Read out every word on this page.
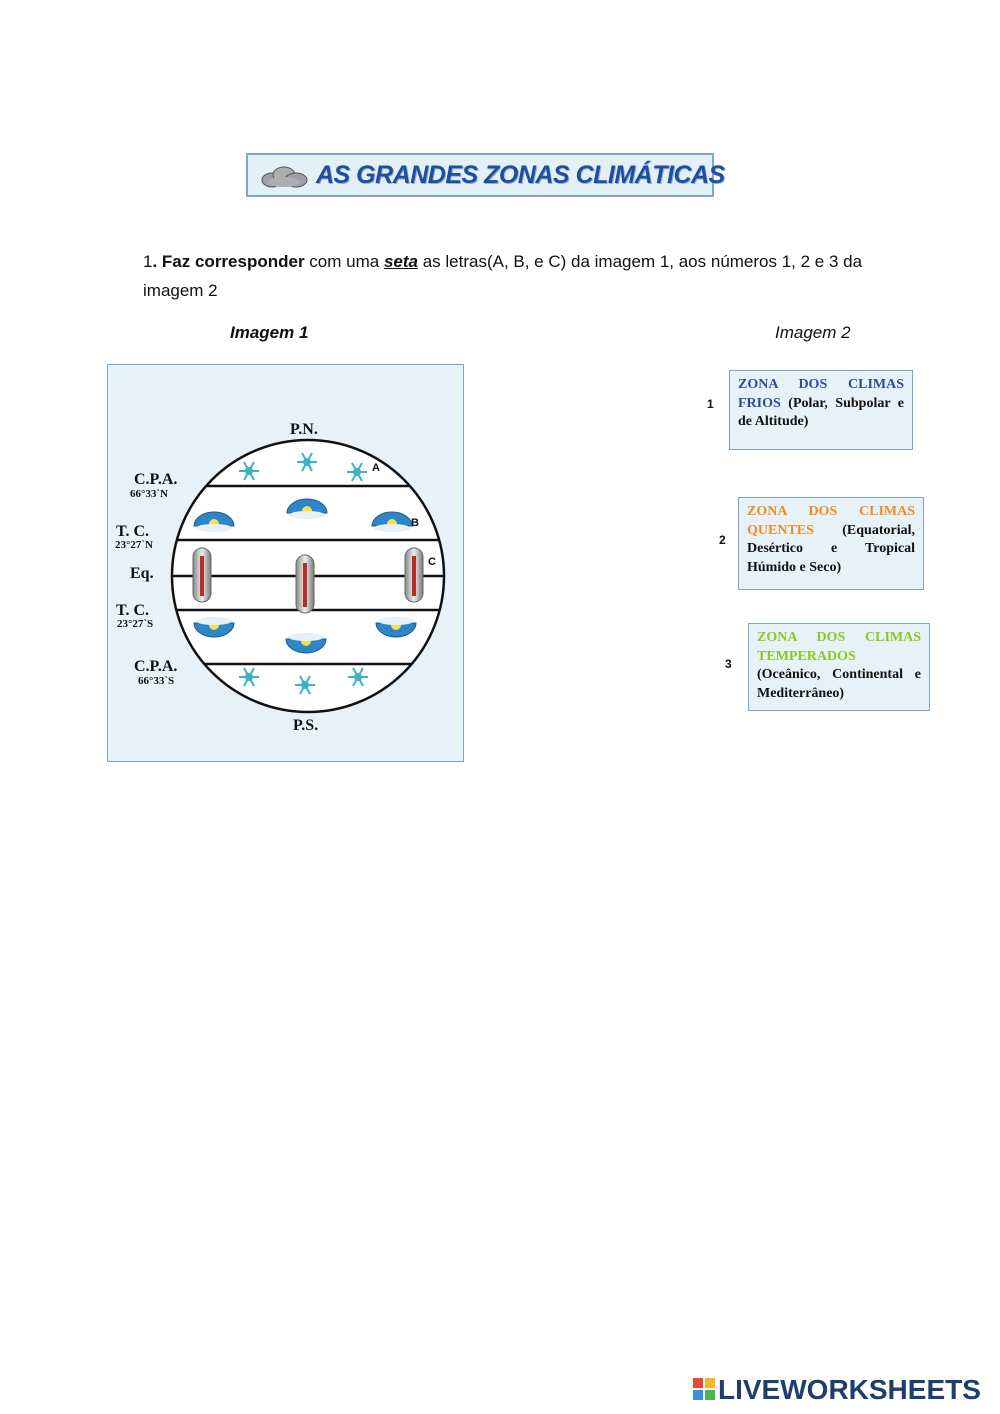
AS GRANDES ZONAS CLIMÁTICAS
1. Faz corresponder com uma seta as letras(A, B, e C) da imagem 1, aos números 1, 2 e 3 da imagem 2
Imagem 1	Imagem 2
P.N.
C.P.A.
66°33`N
T. C.
23°27`N
Eq.
T. C.
23°27`S
C.P.A.
66°33`S
P.S.
A
B
C
1
ZONA DOS CLIMAS FRIOS (Polar, Subpolar e de Altitude)
2
ZONA DOS CLIMAS QUENTES (Equatorial, Desértico e Tropical Húmido e Seco)
3
ZONA DOS CLIMAS TEMPERADOS (Oceânico, Continental e Mediterrâneo)
LIVEWORKSHEETS
